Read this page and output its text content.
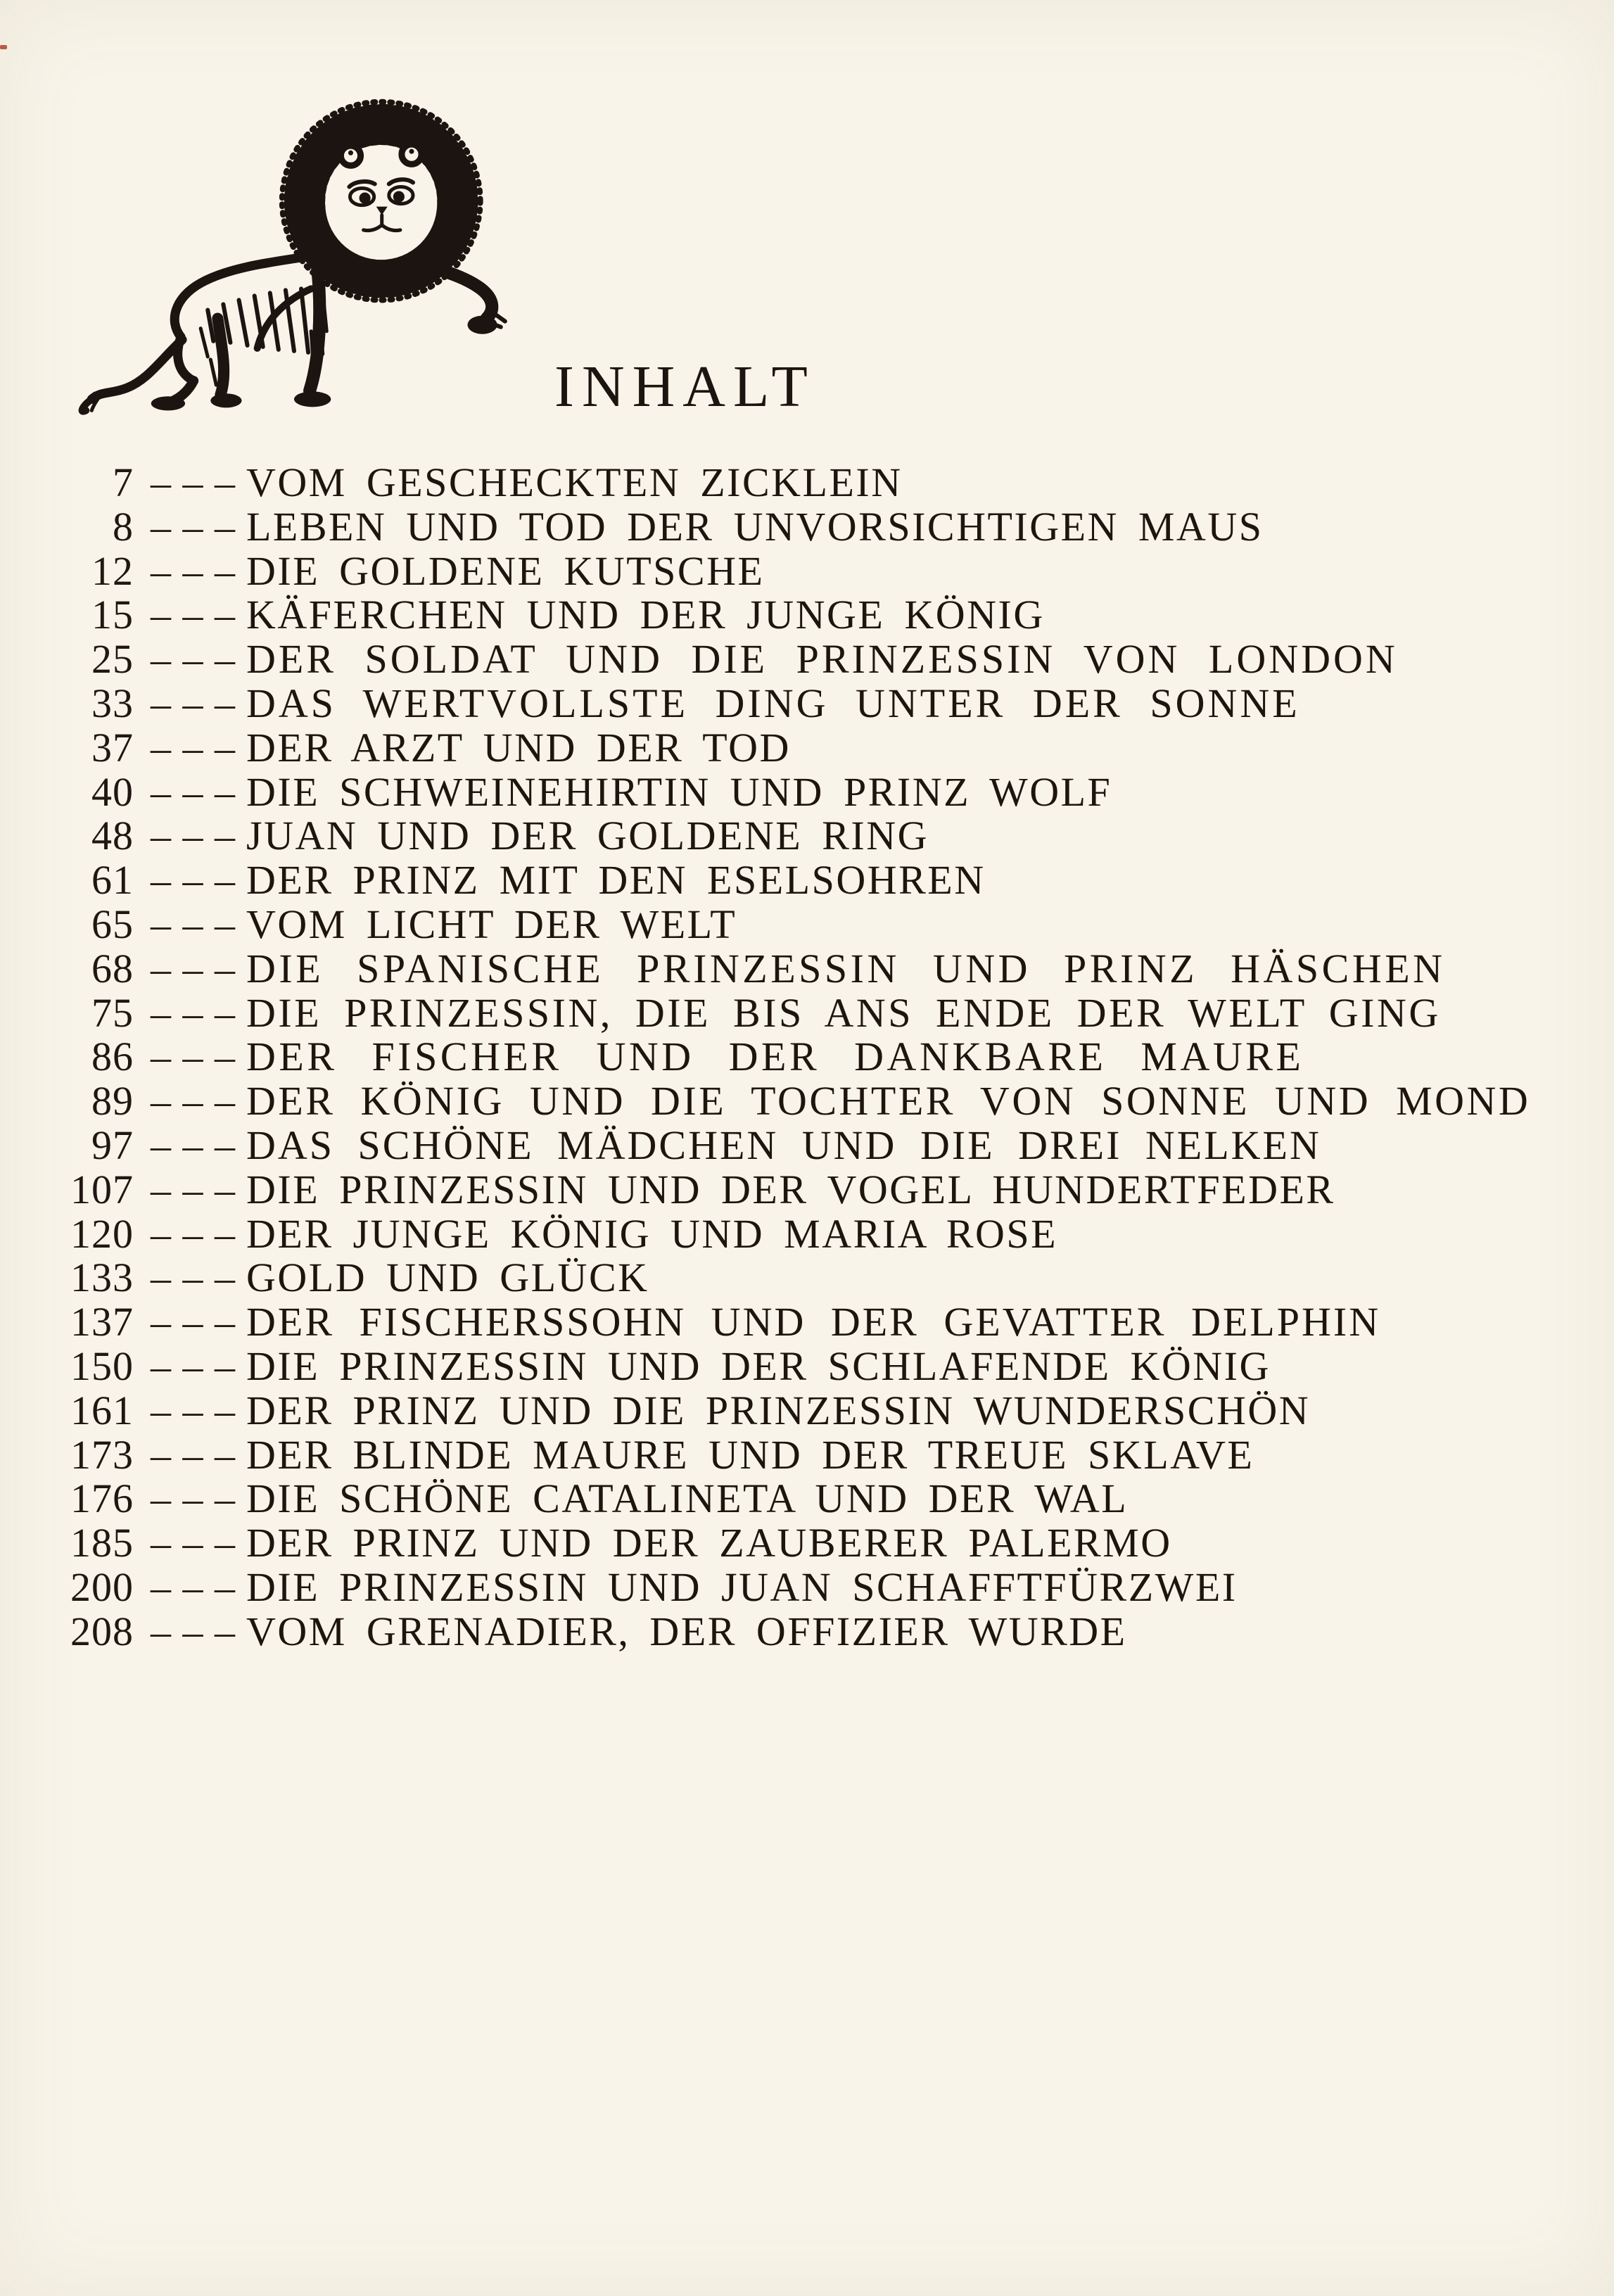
INHALT
7 – – – VOM GESCHECKTEN ZICKLEIN
8 – – – LEBEN UND TOD DER UNVORSICHTIGEN MAUS
12 – – – DIE GOLDENE KUTSCHE
15 – – – KÄFERCHEN UND DER JUNGE KÖNIG
25 – – – DER SOLDAT UND DIE PRINZESSIN VON LONDON
33 – – – DAS WERTVOLLSTE DING UNTER DER SONNE
37 – – – DER ARZT UND DER TOD
40 – – – DIE SCHWEINEHIRTIN UND PRINZ WOLF
48 – – – JUAN UND DER GOLDENE RING
61 – – – DER PRINZ MIT DEN ESELSOHREN
65 – – – VOM LICHT DER WELT
68 – – – DIE SPANISCHE PRINZESSIN UND PRINZ HÄSCHEN
75 – – – DIE PRINZESSIN, DIE BIS ANS ENDE DER WELT GING
86 – – – DER FISCHER UND DER DANKBARE MAURE
89 – – – DER KÖNIG UND DIE TOCHTER VON SONNE UND MOND
97 – – – DAS SCHÖNE MÄDCHEN UND DIE DREI NELKEN
107 – – – DIE PRINZESSIN UND DER VOGEL HUNDERTFEDER
120 – – – DER JUNGE KÖNIG UND MARIA ROSE
133 – – – GOLD UND GLÜCK
137 – – – DER FISCHERSSOHN UND DER GEVATTER DELPHIN
150 – – – DIE PRINZESSIN UND DER SCHLAFENDE KÖNIG
161 – – – DER PRINZ UND DIE PRINZESSIN WUNDERSCHÖN
173 – – – DER BLINDE MAURE UND DER TREUE SKLAVE
176 – – – DIE SCHÖNE CATALINETA UND DER WAL
185 – – – DER PRINZ UND DER ZAUBERER PALERMO
200 – – – DIE PRINZESSIN UND JUAN SCHAFFTFÜRZWEI
208 – – – VOM GRENADIER, DER OFFIZIER WURDE
